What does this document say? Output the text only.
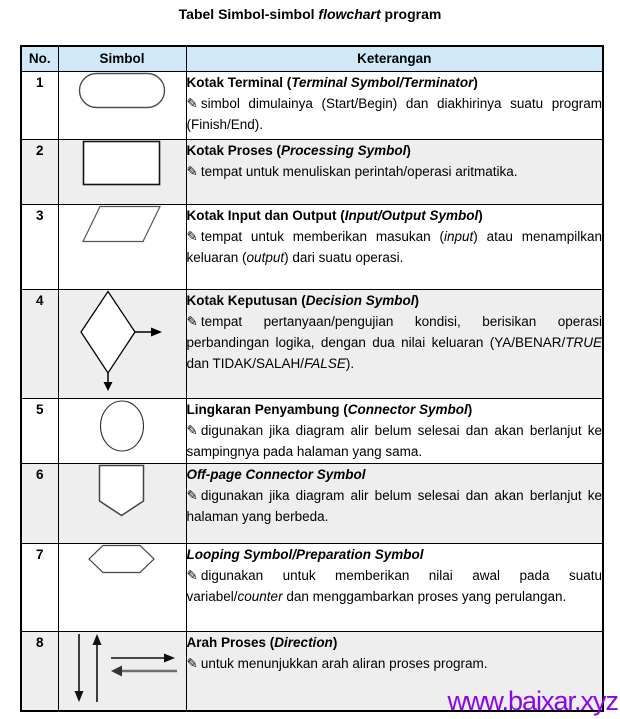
Tabel Simbol-simbol flowchart program
No.	Simbol	Keterangan
1		Kotak Terminal (Terminal Symbol/Terminator)
✎ simbol dimulainya (Start/Begin) dan diakhirinya suatu program (Finish/End).
2		Kotak Proses (Processing Symbol)
✎ tempat untuk menuliskan perintah/operasi aritmatika.
3		Kotak Input dan Output (Input/Output Symbol)
✎ tempat untuk memberikan masukan (input) atau menampilkan keluaran (output) dari suatu operasi.
4		Kotak Keputusan (Decision Symbol)
✎ tempat pertanyaan/pengujian kondisi, berisikan operasi perbandingan logika, dengan dua nilai keluaran (YA/BENAR/TRUE dan TIDAK/SALAH/FALSE).
5		Lingkaran Penyambung (Connector Symbol)
✎ digunakan jika diagram alir belum selesai dan akan berlanjut ke sampingnya pada halaman yang sama.
6		Off-page Connector Symbol
✎ digunakan jika diagram alir belum selesai dan akan berlanjut ke halaman yang berbeda.
7		Looping Symbol/Preparation Symbol
✎ digunakan untuk memberikan nilai awal pada suatu variabel/counter dan menggambarkan proses yang perulangan.
8		Arah Proses (Direction)
✎ untuk menunjukkan arah aliran proses program.
www.baixar.xyz
